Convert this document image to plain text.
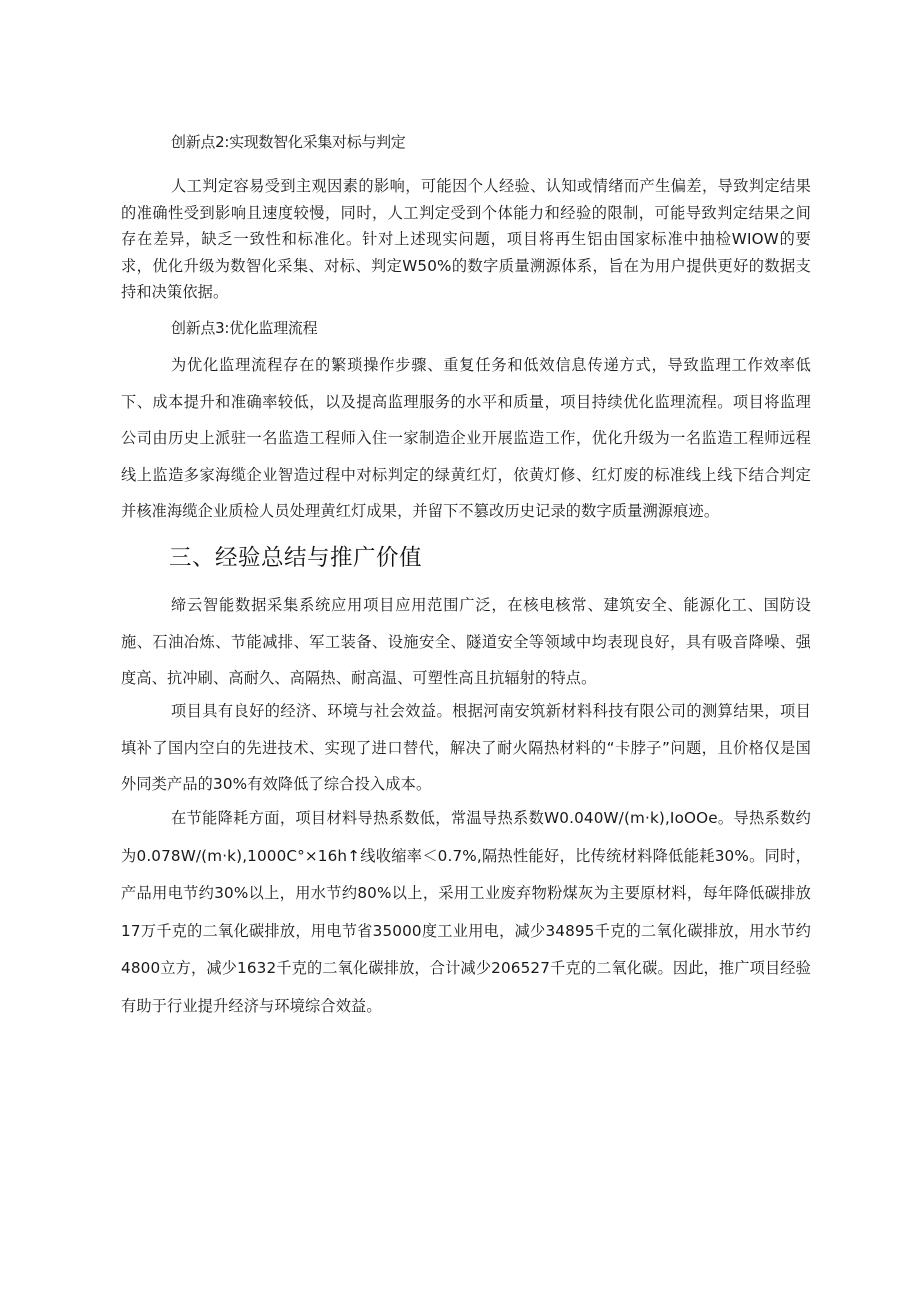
创新点2:实现数智化采集对标与判定

人工判定容易受到主观因素的影响，可能因个人经验、认知或情绪而产生偏差，导致判定结果的准确性受到影响且速度较慢，同时，人工判定受到个体能力和经验的限制，可能导致判定结果之间存在差异，缺乏一致性和标准化。针对上述现实问题，项目将再生铝由国家标准中抽检WIOW的要求，优化升级为数智化采集、对标、判定W50%的数字质量溯源体系，旨在为用户提供更好的数据支持和决策依据。

创新点3:优化监理流程

为优化监理流程存在的繁琐操作步骤、重复任务和低效信息传递方式，导致监理工作效率低下、成本提升和准确率较低，以及提高监理服务的水平和质量，项目持续优化监理流程。项目将监理公司由历史上派驻一名监造工程师入住一家制造企业开展监造工作，优化升级为一名监造工程师远程线上监造多家海缆企业智造过程中对标判定的绿黄红灯，依黄灯修、红灯废的标准线上线下结合判定并核准海缆企业质检人员处理黄红灯成果，并留下不篡改历史记录的数字质量溯源痕迹。

三、经验总结与推广价值

缔云智能数据采集系统应用项目应用范围广泛，在核电核常、建筑安全、能源化工、国防设施、石油冶炼、节能减排、军工装备、设施安全、隧道安全等领域中均表现良好，具有吸音降噪、强度高、抗冲刷、高耐久、高隔热、耐高温、可塑性高且抗辐射的特点。

项目具有良好的经济、环境与社会效益。根据河南安筑新材料科技有限公司的测算结果，项目填补了国内空白的先进技术、实现了进口替代，解决了耐火隔热材料的“卡脖子”问题，且价格仅是国外同类产品的30%有效降低了综合投入成本。

在节能降耗方面，项目材料导热系数低，常温导热系数W0.040W/(m·k),IoOOe。导热系数约为0.078W/(m·k),1000C°×16h↑线收缩率＜0.7%,隔热性能好，比传统材料降低能耗30%。同时，产品用电节约30%以上，用水节约80%以上，采用工业废弃物粉煤灰为主要原材料，每年降低碳排放17万千克的二氧化碳排放，用电节省35000度工业用电，减少34895千克的二氧化碳排放，用水节约4800立方，减少1632千克的二氧化碳排放，合计减少206527千克的二氧化碳。因此，推广项目经验有助于行业提升经济与环境综合效益。
